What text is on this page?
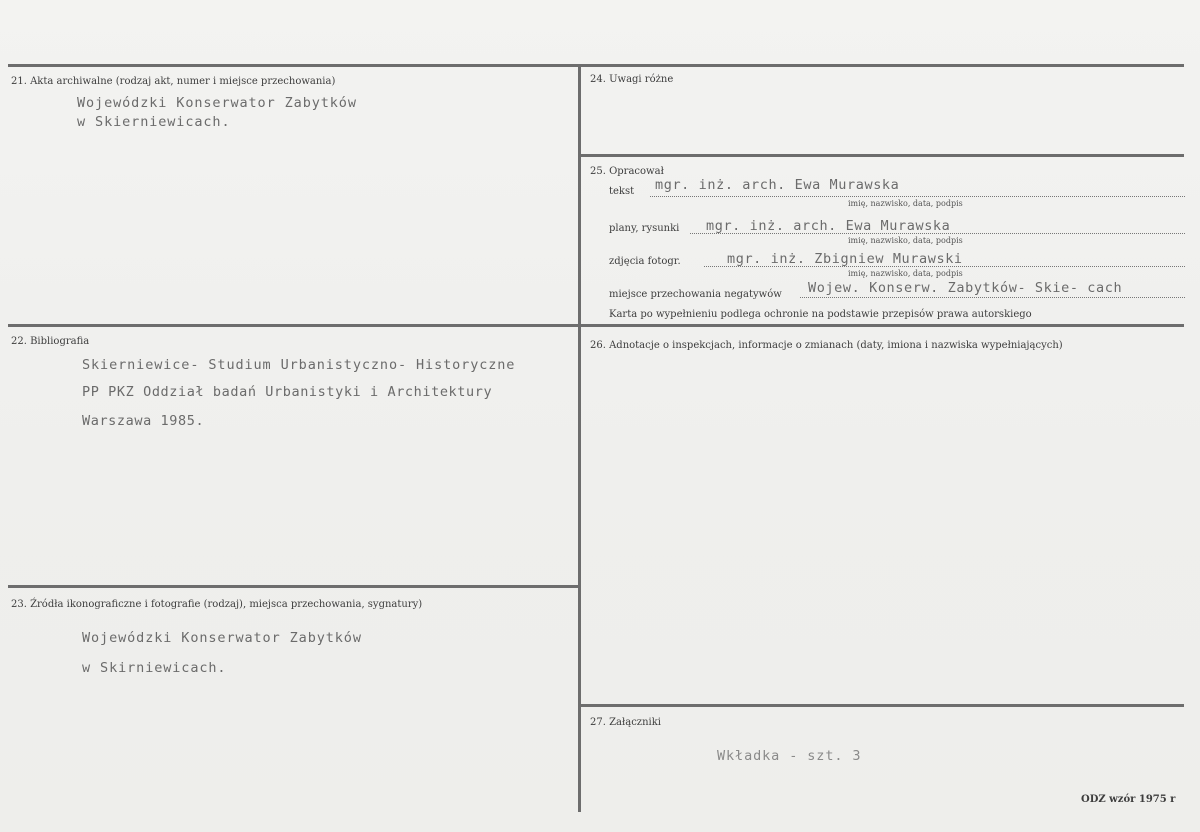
21. Akta archiwalne (rodzaj akt, numer i miejsce przechowania)
Wojewódzki Konserwator Zabytków
w Skierniewicach.
22. Bibliografia
Skierniewice- Studium Urbanistyczno- Historyczne
PP PKZ Oddział badań Urbanistyki i Architektury
Warszawa 1985.
23. Źródła ikonograficzne i fotografie (rodzaj), miejsca przechowania, sygnatury)
Wojewódzki Konserwator Zabytków
w Skirniewicach.
24. Uwagi różne
25. Opracował
tekst mgr. inż. arch. Ewa Murawska
imię, nazwisko, data, podpis
plany, rysunki mgr. inż. arch. Ewa Murawska
imię, nazwisko, data, podpis
zdjęcia fotogr.	mgr. inż. Zbigniew Murawski
imię, nazwisko, data, podpis
miejsce przechowania negatywów Wojew. Konserw. Zabytków- Skie- cach
Karta po wypełnieniu podlega ochronie na podstawie przepisów prawa autorskiego
26. Adnotacje o inspekcjach, informacje o zmianach (daty, imiona i nazwiska wypełniających)
27. Załączniki
Wkładka - szt. 3
ODZ wzór 1975 r
